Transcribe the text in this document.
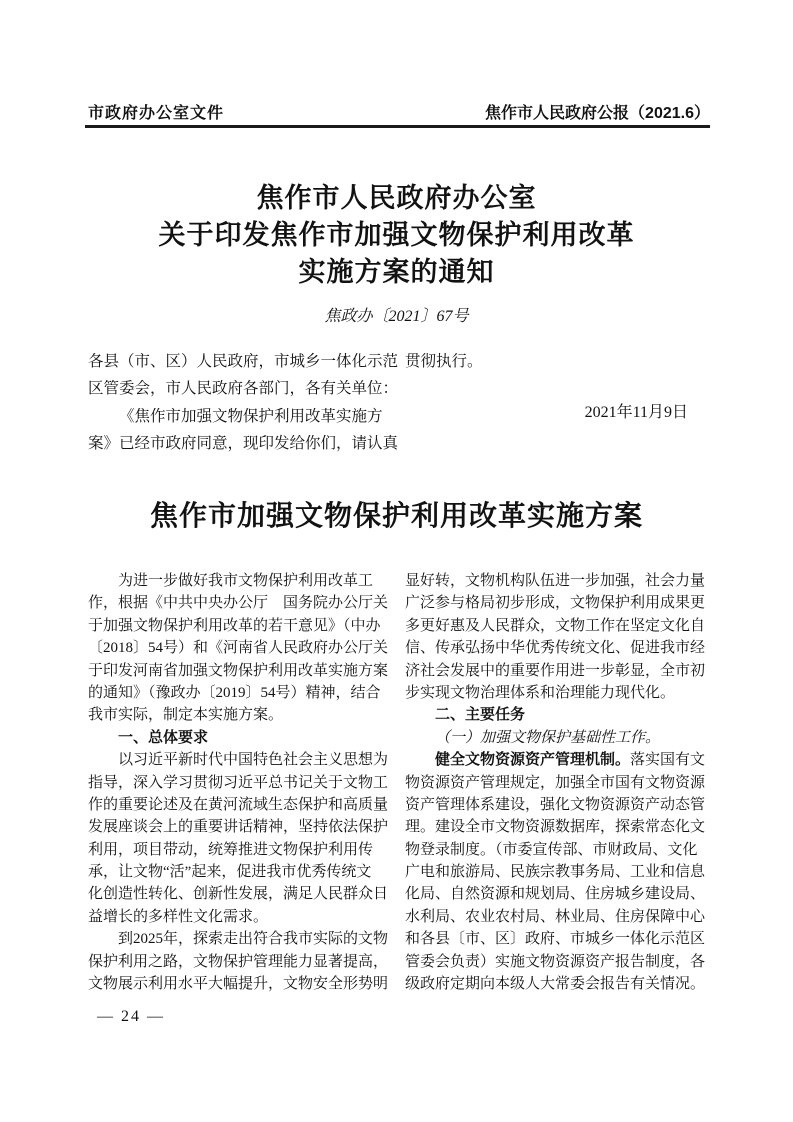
市政府办公室文件	焦作市人民政府公报（2021.6）
焦作市人民政府办公室
关于印发焦作市加强文物保护利用改革
实施方案的通知
焦政办〔2021〕67号
各县（市、区）人民政府，市城乡一体化示范
区管委会，市人民政府各部门，各有关单位：
《焦作市加强文物保护利用改革实施方
案》已经市政府同意，现印发给你们，请认真
贯彻执行。
2021年11月9日
焦作市加强文物保护利用改革实施方案
为进一步做好我市文物保护利用改革工
作，根据《中共中央办公厅　国务院办公厅关
于加强文物保护利用改革的若干意见》（中办
〔2018〕54号）和《河南省人民政府办公厅关
于印发河南省加强文物保护利用改革实施方案
的通知》（豫政办〔2019〕54号）精神，结合
我市实际，制定本实施方案。
一、总体要求
以习近平新时代中国特色社会主义思想为
指导，深入学习贯彻习近平总书记关于文物工
作的重要论述及在黄河流域生态保护和高质量
发展座谈会上的重要讲话精神，坚持依法保护
利用，项目带动，统筹推进文物保护利用传
承，让文物“活”起来，促进我市优秀传统文
化创造性转化、创新性发展，满足人民群众日
益增长的多样性文化需求。
到2025年，探索走出符合我市实际的文物
保护利用之路，文物保护管理能力显著提高，
文物展示利用水平大幅提升，文物安全形势明
显好转，文物机构队伍进一步加强，社会力量
广泛参与格局初步形成，文物保护利用成果更
多更好惠及人民群众，文物工作在坚定文化自
信、传承弘扬中华优秀传统文化、促进我市经
济社会发展中的重要作用进一步彰显，全市初
步实现文物治理体系和治理能力现代化。
二、主要任务
（一）加强文物保护基础性工作。
健全文物资源资产管理机制。落实国有文
物资源资产管理规定，加强全市国有文物资源
资产管理体系建设，强化文物资源资产动态管
理。建设全市文物资源数据库，探索常态化文
物登录制度。（市委宣传部、市财政局、文化
广电和旅游局、民族宗教事务局、工业和信息
化局、自然资源和规划局、住房城乡建设局、
水利局、农业农村局、林业局、住房保障中心
和各县〔市、区〕政府、市城乡一体化示范区
管委会负责）实施文物资源资产报告制度，各
级政府定期向本级人大常委会报告有关情况。
— 24 —
